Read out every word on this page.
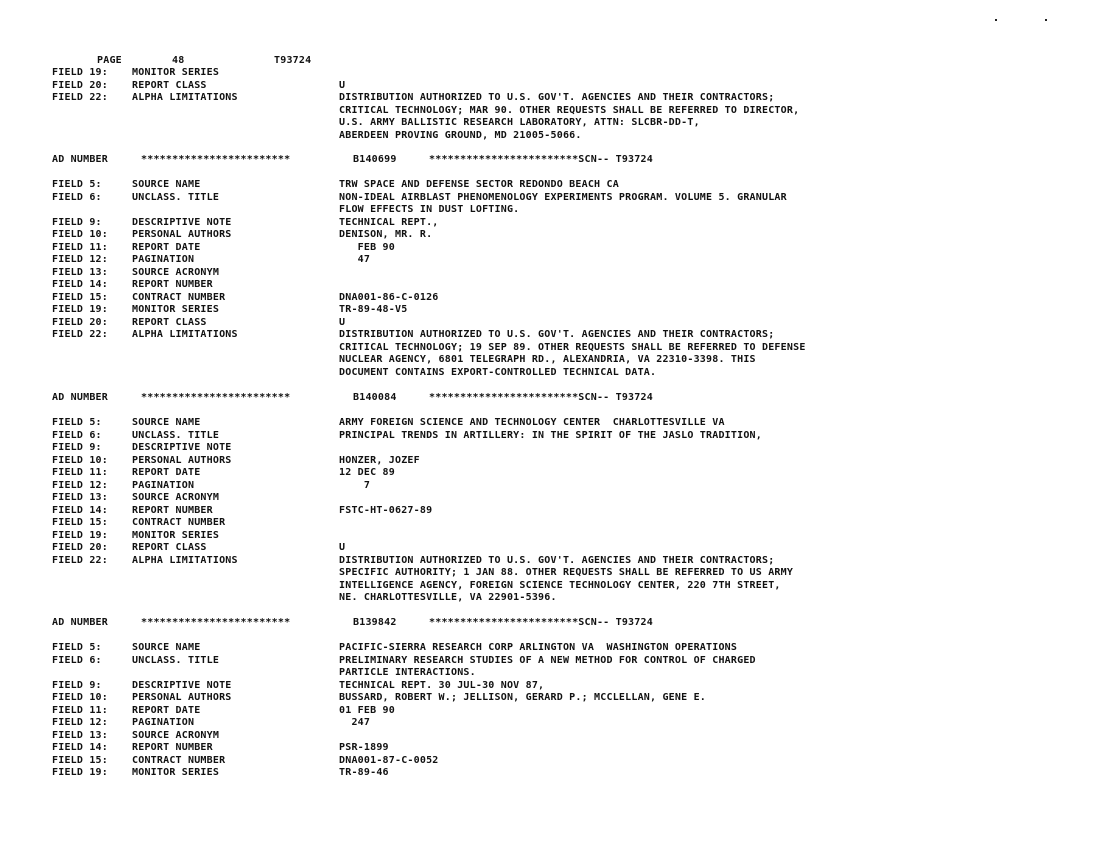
PAGE	48	T93724
FIELD 19: MONITOR SERIES
FIELD 20: REPORT CLASS	U
FIELD 22: ALPHA LIMITATIONS	DISTRIBUTION AUTHORIZED TO U.S. GOV'T. AGENCIES AND THEIR CONTRACTORS;
CRITICAL TECHNOLOGY; MAR 90. OTHER REQUESTS SHALL BE REFERRED TO DIRECTOR,
U.S. ARMY BALLISTIC RESEARCH LABORATORY, ATTN: SLCBR-DD-T,
ABERDEEN PROVING GROUND, MD 21005-5066.
AD NUMBER	************************	B140699	************************SCN-- T93724
FIELD 5:	SOURCE NAME	TRW SPACE AND DEFENSE SECTOR REDONDO BEACH CA
FIELD 6:	UNCLASS. TITLE	NON-IDEAL AIRBLAST PHENOMENOLOGY EXPERIMENTS PROGRAM. VOLUME 5. GRANULAR
FLOW EFFECTS IN DUST LOFTING.
FIELD 9:	DESCRIPTIVE NOTE	TECHNICAL REPT.,
FIELD 10: PERSONAL AUTHORS	DENISON, MR. R.
FIELD 11: REPORT DATE	FEB 90
FIELD 12: PAGINATION	47
FIELD 13: SOURCE ACRONYM
FIELD 14: REPORT NUMBER
FIELD 15: CONTRACT NUMBER	DNA001-86-C-0126
FIELD 19: MONITOR SERIES	TR-89-48-V5
FIELD 20: REPORT CLASS	U
FIELD 22: ALPHA LIMITATIONS	DISTRIBUTION AUTHORIZED TO U.S. GOV'T. AGENCIES AND THEIR CONTRACTORS;
CRITICAL TECHNOLOGY; 19 SEP 89. OTHER REQUESTS SHALL BE REFERRED TO DEFENSE
NUCLEAR AGENCY, 6801 TELEGRAPH RD., ALEXANDRIA, VA 22310-3398. THIS
DOCUMENT CONTAINS EXPORT-CONTROLLED TECHNICAL DATA.
AD NUMBER	************************	B140084	************************SCN-- T93724
FIELD 5:	SOURCE NAME	ARMY FOREIGN SCIENCE AND TECHNOLOGY CENTER  CHARLOTTESVILLE VA
FIELD 6:	UNCLASS. TITLE	PRINCIPAL TRENDS IN ARTILLERY: IN THE SPIRIT OF THE JASLO TRADITION,
FIELD 9:	DESCRIPTIVE NOTE
FIELD 10: PERSONAL AUTHORS	HONZER, JOZEF
FIELD 11: REPORT DATE	12 DEC 89
FIELD 12: PAGINATION	7
FIELD 13: SOURCE ACRONYM
FIELD 14: REPORT NUMBER	FSTC-HT-0627-89
FIELD 15: CONTRACT NUMBER
FIELD 19: MONITOR SERIES
FIELD 20: REPORT CLASS	U
FIELD 22: ALPHA LIMITATIONS	DISTRIBUTION AUTHORIZED TO U.S. GOV'T. AGENCIES AND THEIR CONTRACTORS;
SPECIFIC AUTHORITY; 1 JAN 88. OTHER REQUESTS SHALL BE REFERRED TO US ARMY
INTELLIGENCE AGENCY, FOREIGN SCIENCE TECHNOLOGY CENTER, 220 7TH STREET,
NE. CHARLOTTESVILLE, VA 22901-5396.
AD NUMBER	************************	B139842	************************SCN-- T93724
FIELD 5:	SOURCE NAME	PACIFIC-SIERRA RESEARCH CORP ARLINGTON VA  WASHINGTON OPERATIONS
FIELD 6:	UNCLASS. TITLE	PRELIMINARY RESEARCH STUDIES OF A NEW METHOD FOR CONTROL OF CHARGED
PARTICLE INTERACTIONS.
FIELD 9:	DESCRIPTIVE NOTE	TECHNICAL REPT. 30 JUL-30 NOV 87,
FIELD 10: PERSONAL AUTHORS	BUSSARD, ROBERT W.; JELLISON, GERARD P.; MCCLELLAN, GENE E.
FIELD 11: REPORT DATE	01 FEB 90
FIELD 12: PAGINATION	247
FIELD 13: SOURCE ACRONYM
FIELD 14: REPORT NUMBER	PSR-1899
FIELD 15: CONTRACT NUMBER	DNA001-87-C-0052
FIELD 19: MONITOR SERIES	TR-89-46
